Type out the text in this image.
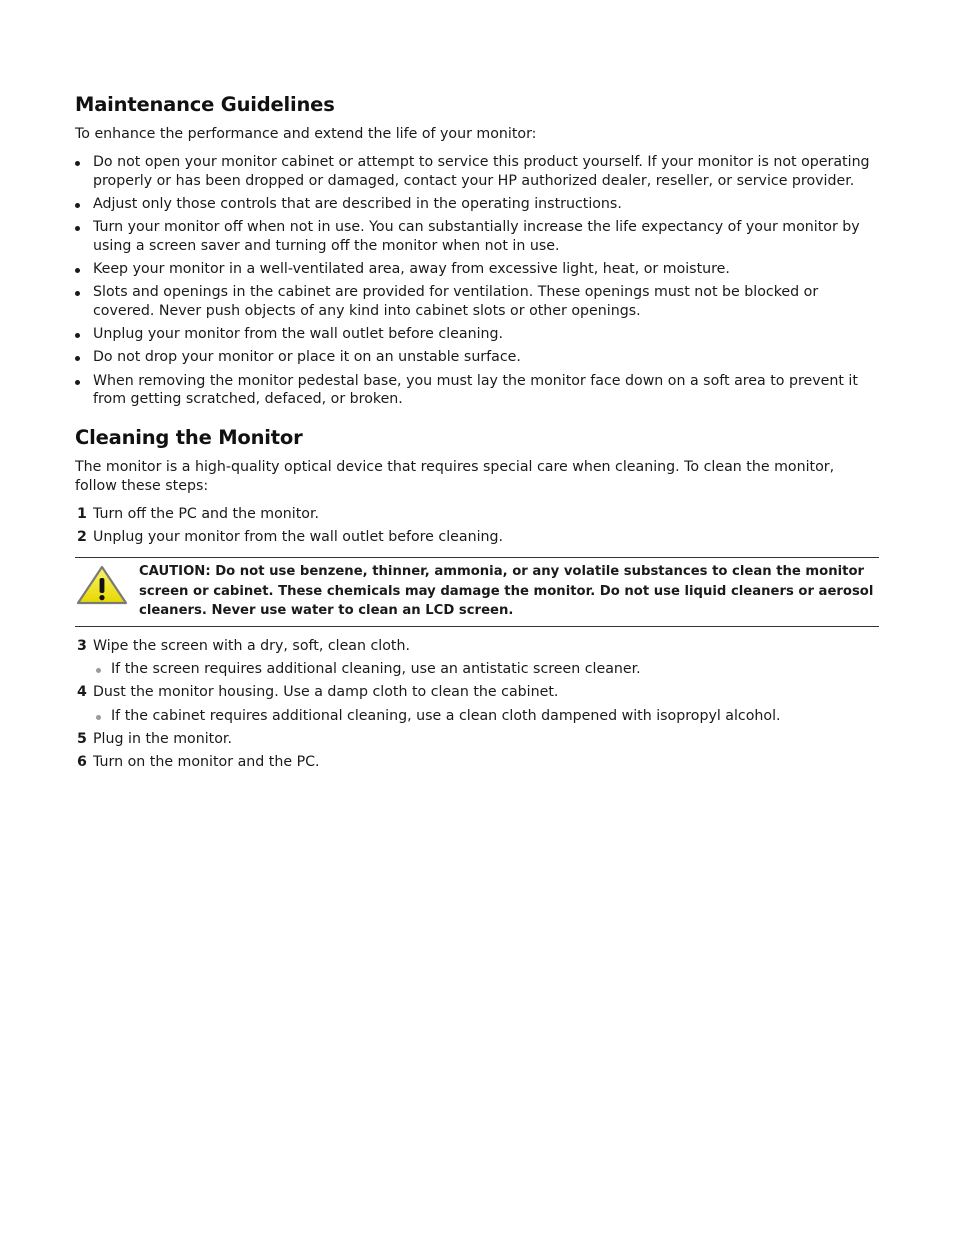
Maintenance Guidelines

To enhance the performance and extend the life of your monitor:

Do not open your monitor cabinet or attempt to service this product yourself. If your monitor is not operating properly or has been dropped or damaged, contact your HP authorized dealer, reseller, or service provider.
Adjust only those controls that are described in the operating instructions.
Turn your monitor off when not in use. You can substantially increase the life expectancy of your monitor by using a screen saver and turning off the monitor when not in use.
Keep your monitor in a well-ventilated area, away from excessive light, heat, or moisture.
Slots and openings in the cabinet are provided for ventilation. These openings must not be blocked or covered. Never push objects of any kind into cabinet slots or other openings.
Unplug your monitor from the wall outlet before cleaning.
Do not drop your monitor or place it on an unstable surface.
When removing the monitor pedestal base, you must lay the monitor face down on a soft area to prevent it from getting scratched, defaced, or broken.
Cleaning the Monitor

The monitor is a high-quality optical device that requires special care when cleaning. To clean the monitor, follow these steps:

1 Turn off the PC and the monitor.
2 Unplug your monitor from the wall outlet before cleaning.
CAUTION: Do not use benzene, thinner, ammonia, or any volatile substances to clean the monitor screen or cabinet. These chemicals may damage the monitor. Do not use liquid cleaners or aerosol cleaners. Never use water to clean an LCD screen.
3 Wipe the screen with a dry, soft, clean cloth.
If the screen requires additional cleaning, use an antistatic screen cleaner.
4 Dust the monitor housing. Use a damp cloth to clean the cabinet.
If the cabinet requires additional cleaning, use a clean cloth dampened with isopropyl alcohol.
5 Plug in the monitor.
6 Turn on the monitor and the PC.
